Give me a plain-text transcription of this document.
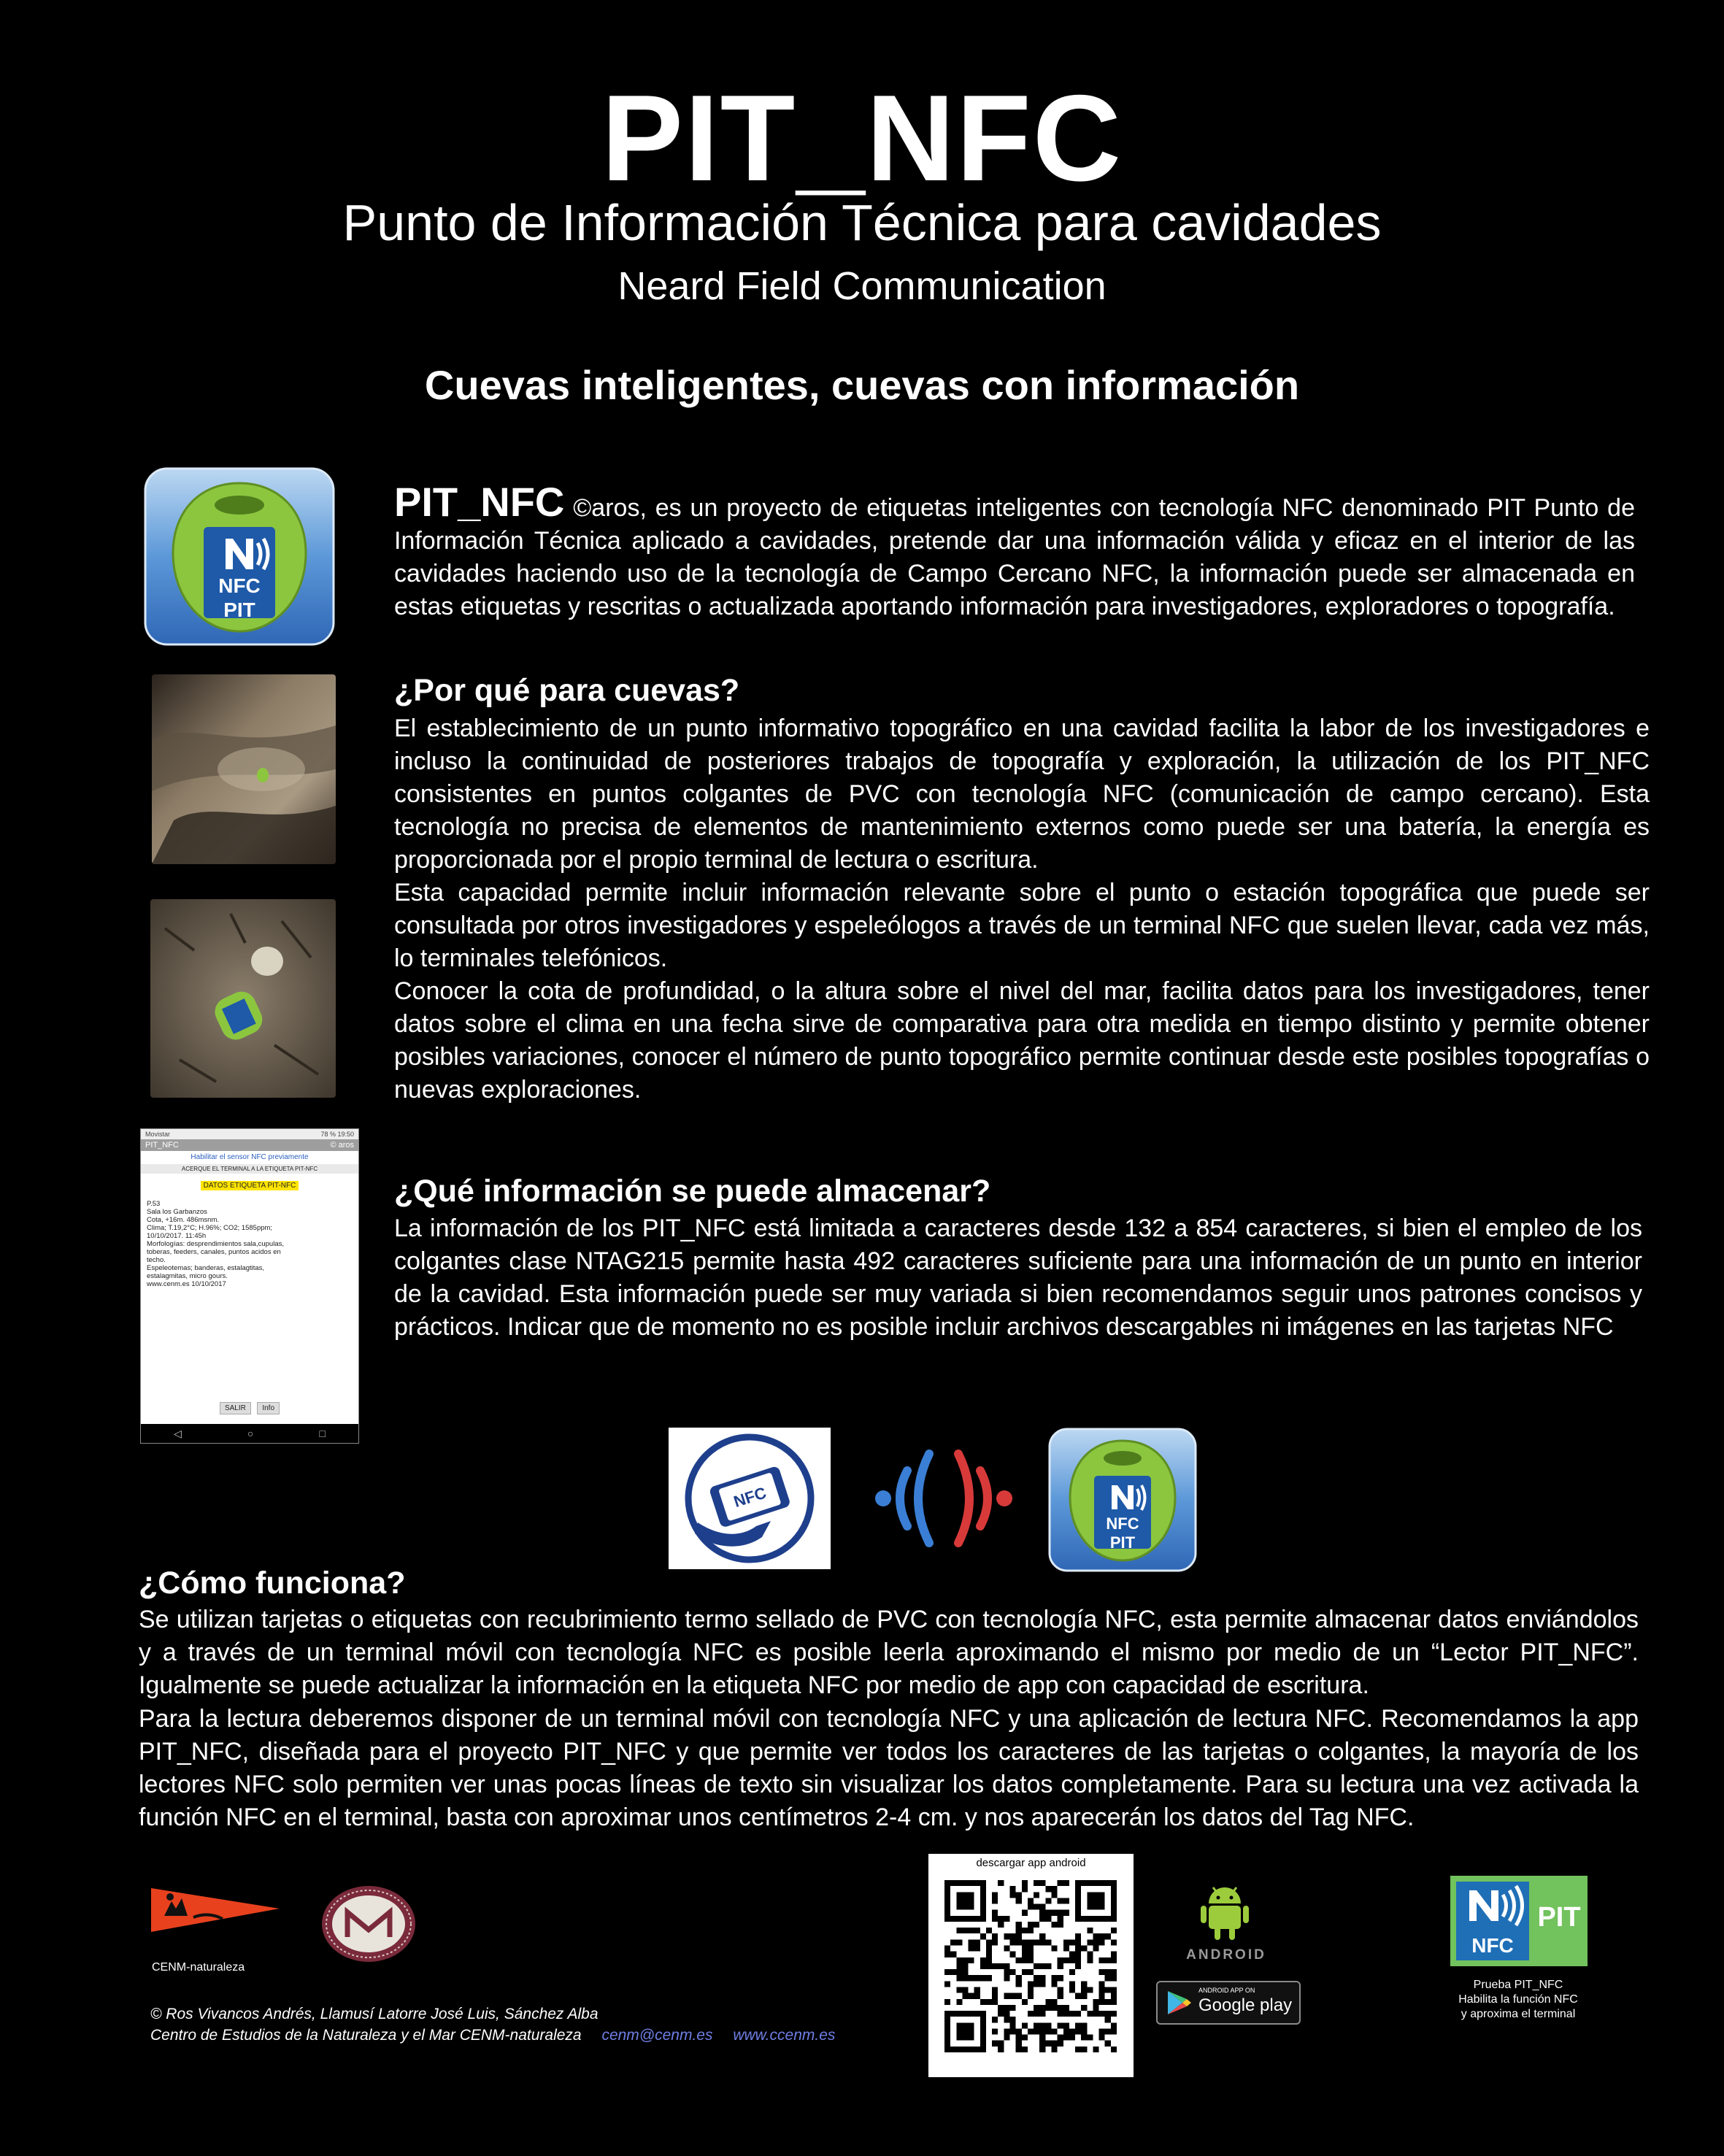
PIT_NFC
Punto de Información Técnica para cavidades
Neard Field Communication
Cuevas inteligentes, cuevas con información
NFC
PIT
PIT_NFC ©aros, es un proyecto de etiquetas inteligentes con tecnología NFC denominado PIT Punto de Información Técnica aplicado a cavidades, pretende dar una información válida y eficaz en el interior de las cavidades haciendo uso de la tecnología de Campo Cercano NFC, la información puede ser almacenada en estas etiquetas y rescritas o actualizada aportando información para investigadores, exploradores o topografía.
¿Por qué para cuevas?
El establecimiento de un punto informativo topográfico en una cavidad facilita la labor de los investigadores e incluso la continuidad de posteriores trabajos de topografía y exploración, la utilización de los PIT_NFC consistentes en puntos colgantes de PVC con tecnología NFC (comunicación de campo cercano). Esta tecnología no precisa de elementos de mantenimiento externos como puede ser una batería, la energía es proporcionada por el propio terminal de lectura o escritura.
Esta capacidad permite incluir información relevante sobre el punto o estación topográfica que puede ser consultada por otros investigadores y espeleólogos a través de un terminal NFC que suelen llevar, cada vez más, lo terminales telefónicos.
Conocer la cota de profundidad, o la altura sobre el nivel del mar, facilita datos para los investigadores, tener datos sobre el clima en una fecha sirve de comparativa para otra medida en tiempo distinto y permite obtener posibles variaciones, conocer el número de punto topográfico permite continuar desde este posibles topografías o nuevas exploraciones.
Movistar	78 % 19:50
PIT_NFC	© aros
Habilitar el sensor NFC previamente
ACERQUE EL TERMINAL A LA ETIQUETA PIT-NFC
DATOS ETIQUETA PIT-NFC
P.53
Sala los Garbanzos
Cota, +16m. 486msnm.
Clima; T.19,2°C; H.96%; CO2; 1585ppm;
10/10/2017. 11:45h
Morfologías: desprendimientos sala,cupulas,
toberas, feeders, canales, puntos acidos en
techo.
Espeleotemas; banderas, estalagtitas,
estalagmitas, micro gours.
www.cenm.es 10/10/2017
SALIR Info
◁	○	□
¿Qué información se puede almacenar?
La información de los PIT_NFC está limitada a caracteres desde 132 a 854 caracteres, si bien el empleo de los colgantes clase NTAG215 permite hasta 492 caracteres suficiente para una información de un punto en interior de la cavidad. Esta información puede ser muy variada si bien recomendamos seguir unos patrones concisos y prácticos. Indicar que de momento no es posible incluir archivos descargables ni imágenes en las tarjetas NFC
NFC
NFC
PIT
¿Cómo funciona?
Se utilizan tarjetas o etiquetas con recubrimiento termo sellado de PVC con tecnología NFC, esta permite almacenar datos enviándolos y a través de un terminal móvil con tecnología NFC es posible leerla aproximando el mismo por medio de un “Lector PIT_NFC”. Igualmente se puede actualizar la información en la etiqueta NFC por medio de app con capacidad de escritura.
Para la lectura deberemos disponer de un terminal móvil con tecnología NFC y una aplicación de lectura NFC. Recomendamos la app PIT_NFC, diseñada para el proyecto PIT_NFC y que permite ver todos los caracteres de las tarjetas o colgantes, la mayoría de los lectores NFC solo permiten ver unas pocas líneas de texto sin visualizar los datos completamente. Para su lectura una vez activada la función NFC en el terminal, basta con aproximar unos centímetros 2-4 cm. y nos aparecerán los datos del Tag NFC.
CENM-naturaleza
© Ros Vivancos Andrés, Llamusí Latorre José Luis, Sánchez Alba
Centro de Estudios de la Naturaleza y el Mar CENM-naturaleza cenm@cenm.es www.ccenm.es
descargar app android
ANDROID
ANDROID APP ON
Google play
NFC
PIT
Prueba PIT_NFC
Habilita la función NFC
y aproxima el terminal
